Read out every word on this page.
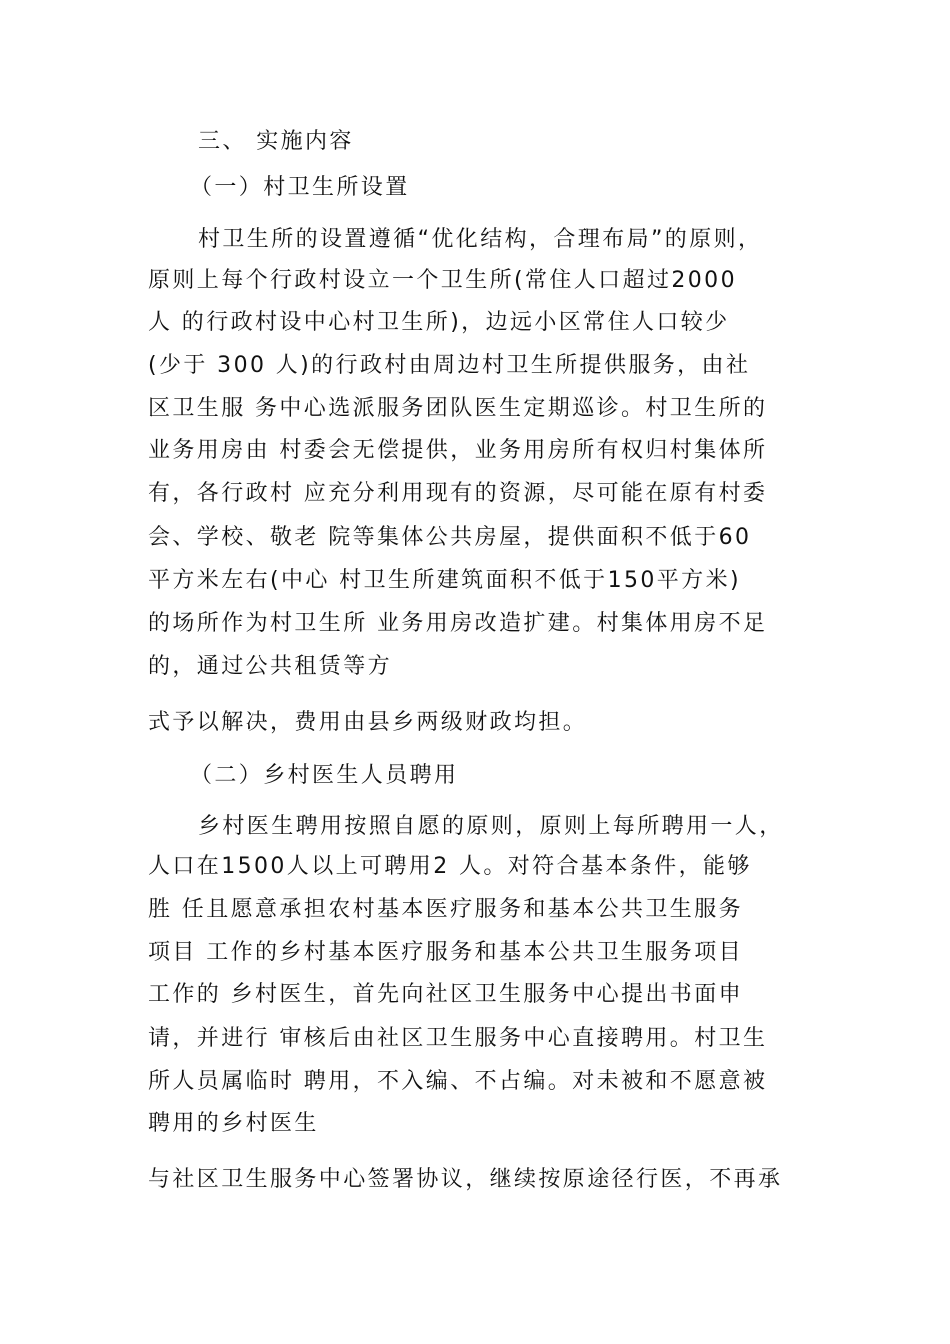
三、 实施内容
（一）村卫生所设置
村卫生所的设置遵循“优化结构，合理布局”的原则，
原则上每个行政村设立一个卫生所(常住人口超过2000
人 的行政村设中心村卫生所)，边远小区常住人口较少
(少于 300 人)的行政村由周边村卫生所提供服务，由社
区卫生服 务中心选派服务团队医生定期巡诊。村卫生所的
业务用房由 村委会无偿提供，业务用房所有权归村集体所
有，各行政村 应充分利用现有的资源，尽可能在原有村委
会、学校、敬老 院等集体公共房屋，提供面积不低于60
平方米左右(中心 村卫生所建筑面积不低于150平方米)
的场所作为村卫生所 业务用房改造扩建。村集体用房不足
的，通过公共租赁等方
式予以解决，费用由县乡两级财政均担。
（二）乡村医生人员聘用
乡村医生聘用按照自愿的原则，原则上每所聘用一人，
人口在1500人以上可聘用2 人。对符合基本条件，能够
胜 任且愿意承担农村基本医疗服务和基本公共卫生服务
项目 工作的乡村基本医疗服务和基本公共卫生服务项目
工作的 乡村医生，首先向社区卫生服务中心提出书面申
请，并进行 审核后由社区卫生服务中心直接聘用。村卫生
所人员属临时 聘用，不入编、不占编。对未被和不愿意被
聘用的乡村医生
与社区卫生服务中心签署协议，继续按原途径行医，不再承
